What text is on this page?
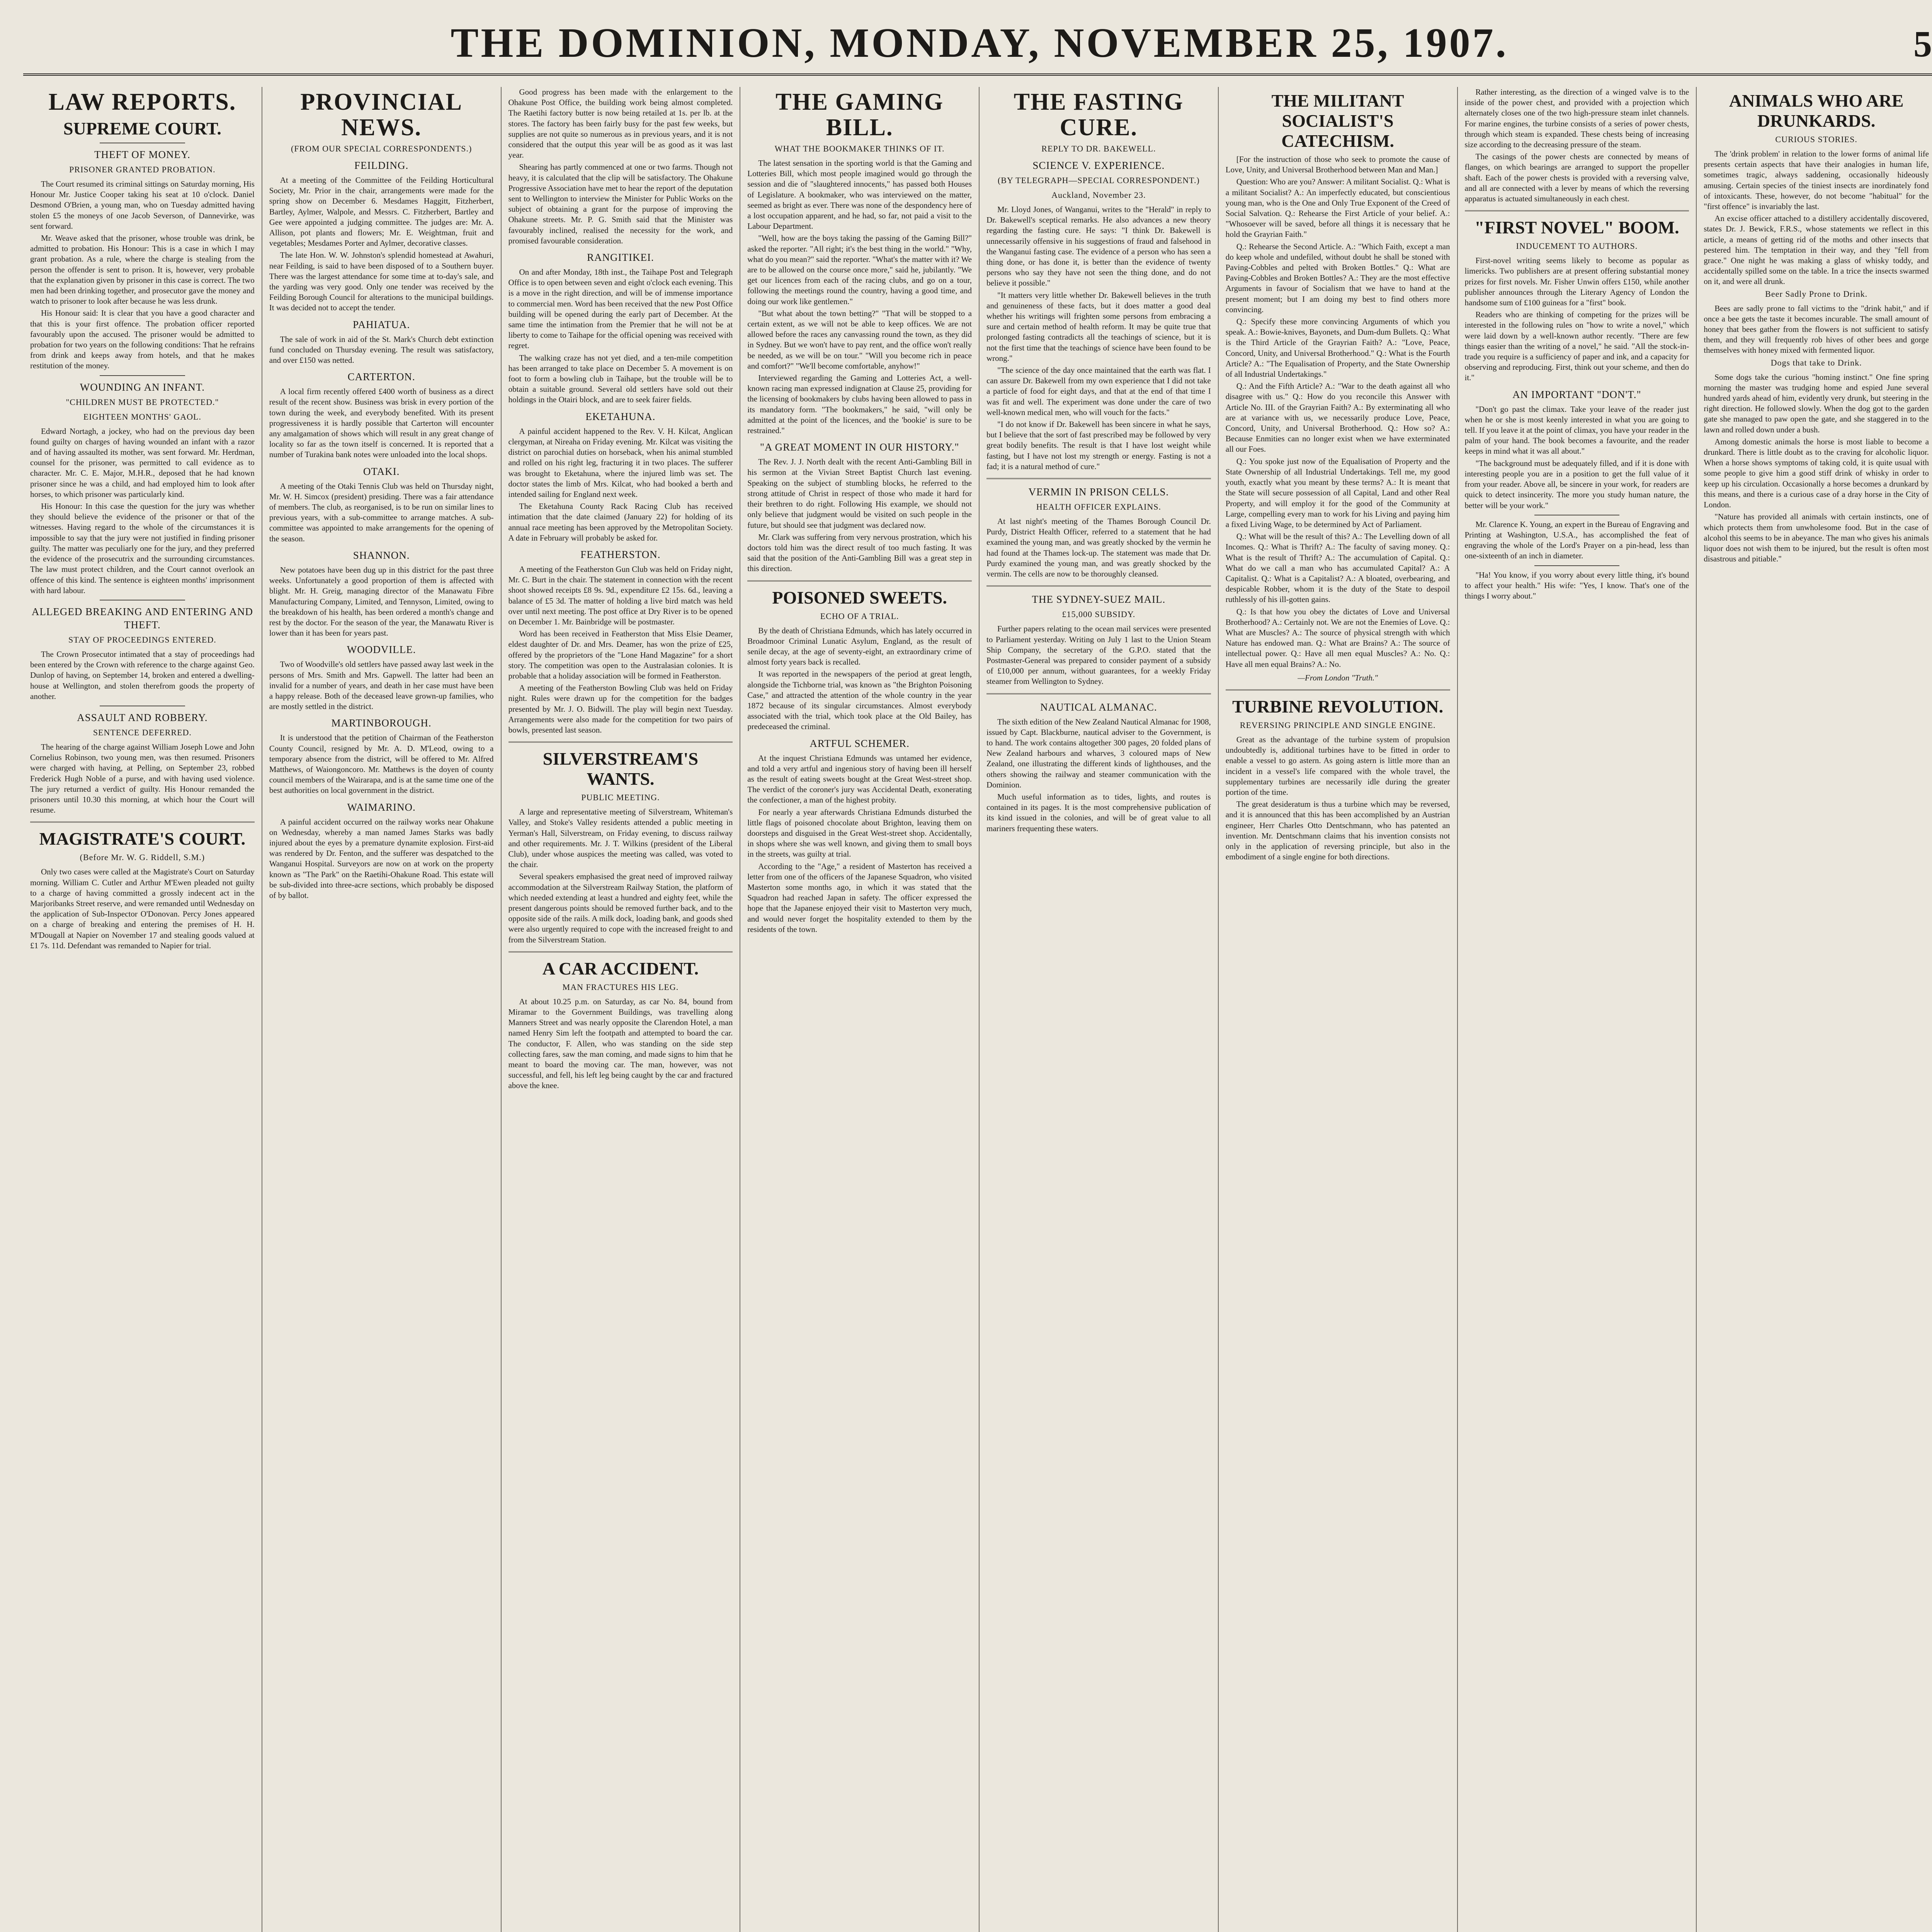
THE DOMINION, MONDAY, NOVEMBER 25, 1907.	5
LAW REPORTS.
SUPREME COURT.
THEFT OF MONEY.
PRISONER GRANTED PROBATION.

The Court resumed its criminal sittings on Saturday morning, His Honour Mr. Justice Cooper taking his seat at 10 o'clock. Daniel Desmond O'Brien, a young man, who on Tuesday admitted having stolen £5 the moneys of one Jacob Severson, of Dannevirke, was sent forward.

Mr. Weave asked that the prisoner, whose trouble was drink, be admitted to probation. His Honour: This is a case in which I may grant probation. As a rule, where the charge is stealing from the person the offender is sent to prison. It is, however, very probable that the explanation given by prisoner in this case is correct. The two men had been drinking together, and prosecutor gave the money and watch to prisoner to look after because he was less drunk.

His Honour said: It is clear that you have a good character and that this is your first offence. The probation officer reported favourably upon the accused. The prisoner would be admitted to probation for two years on the following conditions: That he refrains from drink and keeps away from hotels, and that he makes restitution of the money.

WOUNDING AN INFANT.
"CHILDREN MUST BE PROTECTED."
EIGHTEEN MONTHS' GAOL.

Edward Nortagh, a jockey, who had on the previous day been found guilty on charges of having wounded an infant with a razor and of having assaulted its mother, was sent forward. Mr. Herdman, counsel for the prisoner, was permitted to call evidence as to character. Mr. C. E. Major, M.H.R., deposed that he had known prisoner since he was a child, and had employed him to look after horses, to which prisoner was particularly kind.

His Honour: In this case the question for the jury was whether they should believe the evidence of the prisoner or that of the witnesses. Having regard to the whole of the circumstances it is impossible to say that the jury were not justified in finding prisoner guilty. The matter was peculiarly one for the jury, and they preferred the evidence of the prosecutrix and the surrounding circumstances. The law must protect children, and the Court cannot overlook an offence of this kind. The sentence is eighteen months' imprisonment with hard labour.

ALLEGED BREAKING AND ENTERING AND THEFT.
STAY OF PROCEEDINGS ENTERED.

The Crown Prosecutor intimated that a stay of proceedings had been entered by the Crown with reference to the charge against Geo. Dunlop of having, on September 14, broken and entered a dwelling-house at Wellington, and stolen therefrom goods the property of another.

ASSAULT AND ROBBERY.
SENTENCE DEFERRED.

The hearing of the charge against William Joseph Lowe and John Cornelius Robinson, two young men, was then resumed. Prisoners were charged with having, at Pelling, on September 23, robbed Frederick Hugh Noble of a purse, and with having used violence. The jury returned a verdict of guilty. His Honour remanded the prisoners until 10.30 this morning, at which hour the Court will resume.

MAGISTRATE'S COURT.
(Before Mr. W. G. Riddell, S.M.)

Only two cases were called at the Magistrate's Court on Saturday morning. William C. Cutler and Arthur M'Ewen pleaded not guilty to a charge of having committed a grossly indecent act in the Marjoribanks Street reserve, and were remanded until Wednesday on the application of Sub-Inspector O'Donovan. Percy Jones appeared on a charge of breaking and entering the premises of H. H. M'Dougall at Napier on November 17 and stealing goods valued at £1 7s. 11d. Defendant was remanded to Napier for trial.

PROVINCIAL NEWS.
(FROM OUR SPECIAL CORRESPONDENTS.)
FEILDING.

At a meeting of the Committee of the Feilding Horticultural Society, Mr. Prior in the chair, arrangements were made for the spring show on December 6. Mesdames Haggitt, Fitzherbert, Bartley, Aylmer, Walpole, and Messrs. C. Fitzherbert, Bartley and Gee were appointed a judging committee. The judges are: Mr. A. Allison, pot plants and flowers; Mr. E. Weightman, fruit and vegetables; Mesdames Porter and Aylmer, decorative classes.

The late Hon. W. W. Johnston's splendid homestead at Awahuri, near Feilding, is said to have been disposed of to a Southern buyer. There was the largest attendance for some time at to-day's sale, and the yarding was very good. Only one tender was received by the Feilding Borough Council for alterations to the municipal buildings. It was decided not to accept the tender.

PAHIATUA.

The sale of work in aid of the St. Mark's Church debt extinction fund concluded on Thursday evening. The result was satisfactory, and over £150 was netted.

CARTERTON.

A local firm recently offered £400 worth of business as a direct result of the recent show. Business was brisk in every portion of the town during the week, and everybody benefited. With its present progressiveness it is hardly possible that Carterton will encounter any amalgamation of shows which will result in any great change of locality so far as the town itself is concerned. It is reported that a number of Turakina bank notes were unloaded into the local shops.

OTAKI.

A meeting of the Otaki Tennis Club was held on Thursday night, Mr. W. H. Simcox (president) presiding. There was a fair attendance of members. The club, as reorganised, is to be run on similar lines to previous years, with a sub-committee to arrange matches. A sub-committee was appointed to make arrangements for the opening of the season.

SHANNON.

New potatoes have been dug up in this district for the past three weeks. Unfortunately a good proportion of them is affected with blight. Mr. H. Greig, managing director of the Manawatu Fibre Manufacturing Company, Limited, and Tennyson, Limited, owing to the breakdown of his health, has been ordered a month's change and rest by the doctor. For the season of the year, the Manawatu River is lower than it has been for years past.

WOODVILLE.

Two of Woodville's old settlers have passed away last week in the persons of Mrs. Smith and Mrs. Gapwell. The latter had been an invalid for a number of years, and death in her case must have been a happy release. Both of the deceased leave grown-up families, who are mostly settled in the district.

MARTINBOROUGH.

It is understood that the petition of Chairman of the Featherston County Council, resigned by Mr. A. D. M'Leod, owing to a temporary absence from the district, will be offered to Mr. Alfred Matthews, of Waiongoncoro. Mr. Matthews is the doyen of county council members of the Wairarapa, and is at the same time one of the best authorities on local government in the district.

WAIMARINO.

A painful accident occurred on the railway works near Ohakune on Wednesday, whereby a man named James Starks was badly injured about the eyes by a premature dynamite explosion. First-aid was rendered by Dr. Fenton, and the sufferer was despatched to the Wanganui Hospital. Surveyors are now on at work on the property known as "The Park" on the Raetihi-Ohakune Road. This estate will be sub-divided into three-acre sections, which probably be disposed of by ballot.

Good progress has been made with the enlargement to the Ohakune Post Office, the building work being almost completed. The Raetihi factory butter is now being retailed at 1s. per lb. at the stores. The factory has been fairly busy for the past few weeks, but supplies are not quite so numerous as in previous years, and it is not considered that the output this year will be as good as it was last year.

Shearing has partly commenced at one or two farms. Though not heavy, it is calculated that the clip will be satisfactory. The Ohakune Progressive Association have met to hear the report of the deputation sent to Wellington to interview the Minister for Public Works on the subject of obtaining a grant for the purpose of improving the Ohakune streets. Mr. P. G. Smith said that the Minister was favourably inclined, realised the necessity for the work, and promised favourable consideration.

RANGITIKEI.

On and after Monday, 18th inst., the Taihape Post and Telegraph Office is to open between seven and eight o'clock each evening. This is a move in the right direction, and will be of immense importance to commercial men. Word has been received that the new Post Office building will be opened during the early part of December. At the same time the intimation from the Premier that he will not be at liberty to come to Taihape for the official opening was received with regret.

The walking craze has not yet died, and a ten-mile competition has been arranged to take place on December 5. A movement is on foot to form a bowling club in Taihape, but the trouble will be to obtain a suitable ground. Several old settlers have sold out their holdings in the Otairi block, and are to seek fairer fields.

EKETAHUNA.

A painful accident happened to the Rev. V. H. Kilcat, Anglican clergyman, at Nireaha on Friday evening. Mr. Kilcat was visiting the district on parochial duties on horseback, when his animal stumbled and rolled on his right leg, fracturing it in two places. The sufferer was brought to Eketahuna, where the injured limb was set. The doctor states the limb of Mrs. Kilcat, who had booked a berth and intended sailing for England next week.

The Eketahuna County Rack Racing Club has received intimation that the date claimed (January 22) for holding of its annual race meeting has been approved by the Metropolitan Society. A date in February will probably be asked for.

FEATHERSTON.

A meeting of the Featherston Gun Club was held on Friday night, Mr. C. Burt in the chair. The statement in connection with the recent shoot showed receipts £8 9s. 9d., expenditure £2 15s. 6d., leaving a balance of £5 3d. The matter of holding a live bird match was held over until next meeting. The post office at Dry River is to be opened on December 1. Mr. Bainbridge will be postmaster.

Word has been received in Featherston that Miss Elsie Deamer, eldest daughter of Dr. and Mrs. Deamer, has won the prize of £25, offered by the proprietors of the "Lone Hand Magazine" for a short story. The competition was open to the Australasian colonies. It is probable that a holiday association will be formed in Featherston.

A meeting of the Featherston Bowling Club was held on Friday night. Rules were drawn up for the competition for the badges presented by Mr. J. O. Bidwill. The play will begin next Tuesday. Arrangements were also made for the competition for two pairs of bowls, presented last season.

SILVERSTREAM'S WANTS.
PUBLIC MEETING.

A large and representative meeting of Silverstream, Whiteman's Valley, and Stoke's Valley residents attended a public meeting in Yerman's Hall, Silverstream, on Friday evening, to discuss railway and other requirements. Mr. J. T. Wilkins (president of the Liberal Club), under whose auspices the meeting was called, was voted to the chair.

Several speakers emphasised the great need of improved railway accommodation at the Silverstream Railway Station, the platform of which needed extending at least a hundred and eighty feet, while the present dangerous points should be removed further back, and to the opposite side of the rails. A milk dock, loading bank, and goods shed were also urgently required to cope with the increased freight to and from the Silverstream Station.

A CAR ACCIDENT.
MAN FRACTURES HIS LEG.

At about 10.25 p.m. on Saturday, as car No. 84, bound from Miramar to the Government Buildings, was travelling along Manners Street and was nearly opposite the Clarendon Hotel, a man named Henry Sim left the footpath and attempted to board the car. The conductor, F. Allen, who was standing on the side step collecting fares, saw the man coming, and made signs to him that he meant to board the moving car. The man, however, was not successful, and fell, his left leg being caught by the car and fractured above the knee.

THE GAMING BILL.
WHAT THE BOOKMAKER THINKS OF IT.

The latest sensation in the sporting world is that the Gaming and Lotteries Bill, which most people imagined would go through the session and die of "slaughtered innocents," has passed both Houses of Legislature. A bookmaker, who was interviewed on the matter, seemed as bright as ever. There was none of the despondency here of a lost occupation apparent, and he had, so far, not paid a visit to the Labour Department.

"Well, how are the boys taking the passing of the Gaming Bill?" asked the reporter. "All right; it's the best thing in the world." "Why, what do you mean?" said the reporter. "What's the matter with it? We are to be allowed on the course once more," said he, jubilantly. "We get our licences from each of the racing clubs, and go on a tour, following the meetings round the country, having a good time, and doing our work like gentlemen."

"But what about the town betting?" "That will be stopped to a certain extent, as we will not be able to keep offices. We are not allowed before the races any canvassing round the town, as they did in Sydney. But we won't have to pay rent, and the office won't really be needed, as we will be on tour." "Will you become rich in peace and comfort?" "We'll become comfortable, anyhow!"

Interviewed regarding the Gaming and Lotteries Act, a well-known racing man expressed indignation at Clause 25, providing for the licensing of bookmakers by clubs having been allowed to pass in its mandatory form. "The bookmakers," he said, "will only be admitted at the point of the licences, and the 'bookie' is sure to be restrained."

"A GREAT MOMENT IN OUR HISTORY."

The Rev. J. J. North dealt with the recent Anti-Gambling Bill in his sermon at the Vivian Street Baptist Church last evening. Speaking on the subject of stumbling blocks, he referred to the strong attitude of Christ in respect of those who made it hard for their brethren to do right. Following His example, we should not only believe that judgment would be visited on such people in the future, but should see that judgment was declared now.

Mr. Clark was suffering from very nervous prostration, which his doctors told him was the direct result of too much fasting. It was said that the position of the Anti-Gambling Bill was a great step in this direction.

POISONED SWEETS.
ECHO OF A TRIAL.

By the death of Christiana Edmunds, which has lately occurred in Broadmoor Criminal Lunatic Asylum, England, as the result of senile decay, at the age of seventy-eight, an extraordinary crime of almost forty years back is recalled.

It was reported in the newspapers of the period at great length, alongside the Tichborne trial, was known as "the Brighton Poisoning Case," and attracted the attention of the whole country in the year 1872 because of its singular circumstances. Almost everybody associated with the trial, which took place at the Old Bailey, has predeceased the criminal.

ARTFUL SCHEMER.

At the inquest Christiana Edmunds was untamed her evidence, and told a very artful and ingenious story of having been ill herself as the result of eating sweets bought at the Great West-street shop. The verdict of the coroner's jury was Accidental Death, exonerating the confectioner, a man of the highest probity.

For nearly a year afterwards Christiana Edmunds disturbed the little flags of poisoned chocolate about Brighton, leaving them on doorsteps and disguised in the Great West-street shop. Accidentally, in shops where she was well known, and giving them to small boys in the streets, was guilty at trial.

According to the "Age," a resident of Masterton has received a letter from one of the officers of the Japanese Squadron, who visited Masterton some months ago, in which it was stated that the Squadron had reached Japan in safety. The officer expressed the hope that the Japanese enjoyed their visit to Masterton very much, and would never forget the hospitality extended to them by the residents of the town.

THE FASTING CURE.
REPLY TO DR. BAKEWELL.
SCIENCE V. EXPERIENCE.
(BY TELEGRAPH—SPECIAL CORRESPONDENT.)
Auckland, November 23.

Mr. Lloyd Jones, of Wanganui, writes to the "Herald" in reply to Dr. Bakewell's sceptical remarks. He also advances a new theory regarding the fasting cure. He says: "I think Dr. Bakewell is unnecessarily offensive in his suggestions of fraud and falsehood in the Wanganui fasting case. The evidence of a person who has seen a thing done, or has done it, is better than the evidence of twenty persons who say they have not seen the thing done, and do not believe it possible."

"It matters very little whether Dr. Bakewell believes in the truth and genuineness of these facts, but it does matter a good deal whether his writings will frighten some persons from embracing a sure and certain method of health reform. It may be quite true that prolonged fasting contradicts all the teachings of science, but it is not the first time that the teachings of science have been found to be wrong."

"The science of the day once maintained that the earth was flat. I can assure Dr. Bakewell from my own experience that I did not take a particle of food for eight days, and that at the end of that time I was fit and well. The experiment was done under the care of two well-known medical men, who will vouch for the facts."

"I do not know if Dr. Bakewell has been sincere in what he says, but I believe that the sort of fast prescribed may be followed by very great bodily benefits. The result is that I have lost weight while fasting, but I have not lost my strength or energy. Fasting is not a fad; it is a natural method of cure."

VERMIN IN PRISON CELLS.
HEALTH OFFICER EXPLAINS.

At last night's meeting of the Thames Borough Council Dr. Purdy, District Health Officer, referred to a statement that he had examined the young man, and was greatly shocked by the vermin he had found at the Thames lock-up. The statement was made that Dr. Purdy examined the young man, and was greatly shocked by the vermin. The cells are now to be thoroughly cleansed.

THE SYDNEY-SUEZ MAIL.
£15,000 SUBSIDY.

Further papers relating to the ocean mail services were presented to Parliament yesterday. Writing on July 1 last to the Union Steam Ship Company, the secretary of the G.P.O. stated that the Postmaster-General was prepared to consider payment of a subsidy of £10,000 per annum, without guarantees, for a weekly Friday steamer from Wellington to Sydney.

NAUTICAL ALMANAC.

The sixth edition of the New Zealand Nautical Almanac for 1908, issued by Capt. Blackburne, nautical adviser to the Government, is to hand. The work contains altogether 300 pages, 20 folded plans of New Zealand harbours and wharves, 3 coloured maps of New Zealand, one illustrating the different kinds of lighthouses, and the others showing the railway and steamer communication with the Dominion.

Much useful information as to tides, lights, and routes is contained in its pages. It is the most comprehensive publication of its kind issued in the colonies, and will be of great value to all mariners frequenting these waters.

THE MILITANT SOCIALIST'S CATECHISM.

[For the instruction of those who seek to promote the cause of Love, Unity, and Universal Brotherhood between Man and Man.]

Question: Who are you? Answer: A militant Socialist. Q.: What is a militant Socialist? A.: An imperfectly educated, but conscientious young man, who is the One and Only True Exponent of the Creed of Social Salvation. Q.: Rehearse the First Article of your belief. A.: "Whosoever will be saved, before all things it is necessary that he hold the Grayrian Faith."

Q.: Rehearse the Second Article. A.: "Which Faith, except a man do keep whole and undefiled, without doubt he shall be stoned with Paving-Cobbles and pelted with Broken Bottles." Q.: What are Paving-Cobbles and Broken Bottles? A.: They are the most effective Arguments in favour of Socialism that we have to hand at the present moment; but I am doing my best to find others more convincing.

Q.: Specify these more convincing Arguments of which you speak. A.: Bowie-knives, Bayonets, and Dum-dum Bullets. Q.: What is the Third Article of the Grayrian Faith? A.: "Love, Peace, Concord, Unity, and Universal Brotherhood." Q.: What is the Fourth Article? A.: "The Equalisation of Property, and the State Ownership of all Industrial Undertakings."

Q.: And the Fifth Article? A.: "War to the death against all who disagree with us." Q.: How do you reconcile this Answer with Article No. III. of the Grayrian Faith? A.: By exterminating all who are at variance with us, we necessarily produce Love, Peace, Concord, Unity, and Universal Brotherhood. Q.: How so? A.: Because Enmities can no longer exist when we have exterminated all our Foes.

Q.: You spoke just now of the Equalisation of Property and the State Ownership of all Industrial Undertakings. Tell me, my good youth, exactly what you meant by these terms? A.: It is meant that the State will secure possession of all Capital, Land and other Real Property, and will employ it for the good of the Community at Large, compelling every man to work for his Living and paying him a fixed Living Wage, to be determined by Act of Parliament.

Q.: What will be the result of this? A.: The Levelling down of all Incomes. Q.: What is Thrift? A.: The faculty of saving money. Q.: What is the result of Thrift? A.: The accumulation of Capital. Q.: What do we call a man who has accumulated Capital? A.: A Capitalist. Q.: What is a Capitalist? A.: A bloated, overbearing, and despicable Robber, whom it is the duty of the State to despoil ruthlessly of his ill-gotten gains.

Q.: Is that how you obey the dictates of Love and Universal Brotherhood? A.: Certainly not. We are not the Enemies of Love. Q.: What are Muscles? A.: The source of physical strength with which Nature has endowed man. Q.: What are Brains? A.: The source of intellectual power. Q.: Have all men equal Muscles? A.: No. Q.: Have all men equal Brains? A.: No.

—From London "Truth."
TURBINE REVOLUTION.
REVERSING PRINCIPLE AND SINGLE ENGINE.

Great as the advantage of the turbine system of propulsion undoubtedly is, additional turbines have to be fitted in order to enable a vessel to go astern. As going astern is little more than an incident in a vessel's life compared with the whole travel, the supplementary turbines are necessarily idle during the greater portion of the time.

The great desideratum is thus a turbine which may be reversed, and it is announced that this has been accomplished by an Austrian engineer, Herr Charles Otto Dentschmann, who has patented an invention. Mr. Dentschmann claims that his invention consists not only in the application of reversing principle, but also in the embodiment of a single engine for both directions.

Rather interesting, as the direction of a winged valve is to the inside of the power chest, and provided with a projection which alternately closes one of the two high-pressure steam inlet channels. For marine engines, the turbine consists of a series of power chests, through which steam is expanded. These chests being of increasing size according to the decreasing pressure of the steam.

The casings of the power chests are connected by means of flanges, on which bearings are arranged to support the propeller shaft. Each of the power chests is provided with a reversing valve, and all are connected with a lever by means of which the reversing apparatus is actuated simultaneously in each chest.

"FIRST NOVEL" BOOM.
INDUCEMENT TO AUTHORS.

First-novel writing seems likely to become as popular as limericks. Two publishers are at present offering substantial money prizes for first novels. Mr. Fisher Unwin offers £150, while another publisher announces through the Literary Agency of London the handsome sum of £100 guineas for a "first" book.

Readers who are thinking of competing for the prizes will be interested in the following rules on "how to write a novel," which were laid down by a well-known author recently. "There are few things easier than the writing of a novel," he said. "All the stock-in-trade you require is a sufficiency of paper and ink, and a capacity for observing and reproducing. First, think out your scheme, and then do it."

AN IMPORTANT "DON'T."

"Don't go past the climax. Take your leave of the reader just when he or she is most keenly interested in what you are going to tell. If you leave it at the point of climax, you have your reader in the palm of your hand. The book becomes a favourite, and the reader keeps in mind what it was all about."

"The background must be adequately filled, and if it is done with interesting people you are in a position to get the full value of it from your reader. Above all, be sincere in your work, for readers are quick to detect insincerity. The more you study human nature, the better will be your work."

Mr. Clarence K. Young, an expert in the Bureau of Engraving and Printing at Washington, U.S.A., has accomplished the feat of engraving the whole of the Lord's Prayer on a pin-head, less than one-sixteenth of an inch in diameter.

"Ha! You know, if you worry about every little thing, it's bound to affect your health." His wife: "Yes, I know. That's one of the things I worry about."

ANIMALS WHO ARE DRUNKARDS.
CURIOUS STORIES.

The 'drink problem' in relation to the lower forms of animal life presents certain aspects that have their analogies in human life, sometimes tragic, always saddening, occasionally hideously amusing. Certain species of the tiniest insects are inordinately fond of intoxicants. These, however, do not become "habitual" for the "first offence" is invariably the last.

An excise officer attached to a distillery accidentally discovered, states Dr. J. Bewick, F.R.S., whose statements we reflect in this article, a means of getting rid of the moths and other insects that pestered him. The temptation in their way, and they "fell from grace." One night he was making a glass of whisky toddy, and accidentally spilled some on the table. In a trice the insects swarmed on it, and were all drunk.

Beer Sadly Prone to Drink.

Bees are sadly prone to fall victims to the "drink habit," and if once a bee gets the taste it becomes incurable. The small amount of honey that bees gather from the flowers is not sufficient to satisfy them, and they will frequently rob hives of other bees and gorge themselves with honey mixed with fermented liquor.

Dogs that take to Drink.

Some dogs take the curious "homing instinct." One fine spring morning the master was trudging home and espied June several hundred yards ahead of him, evidently very drunk, but steering in the right direction. He followed slowly. When the dog got to the garden gate she managed to paw open the gate, and she staggered in to the lawn and rolled down under a bush.

Among domestic animals the horse is most liable to become a drunkard. There is little doubt as to the craving for alcoholic liquor. When a horse shows symptoms of taking cold, it is quite usual with some people to give him a good stiff drink of whisky in order to keep up his circulation. Occasionally a horse becomes a drunkard by this means, and there is a curious case of a dray horse in the City of London.

"Nature has provided all animals with certain instincts, one of which protects them from unwholesome food. But in the case of alcohol this seems to be in abeyance. The man who gives his animals liquor does not wish them to be injured, but the result is often most disastrous and pitiable."
